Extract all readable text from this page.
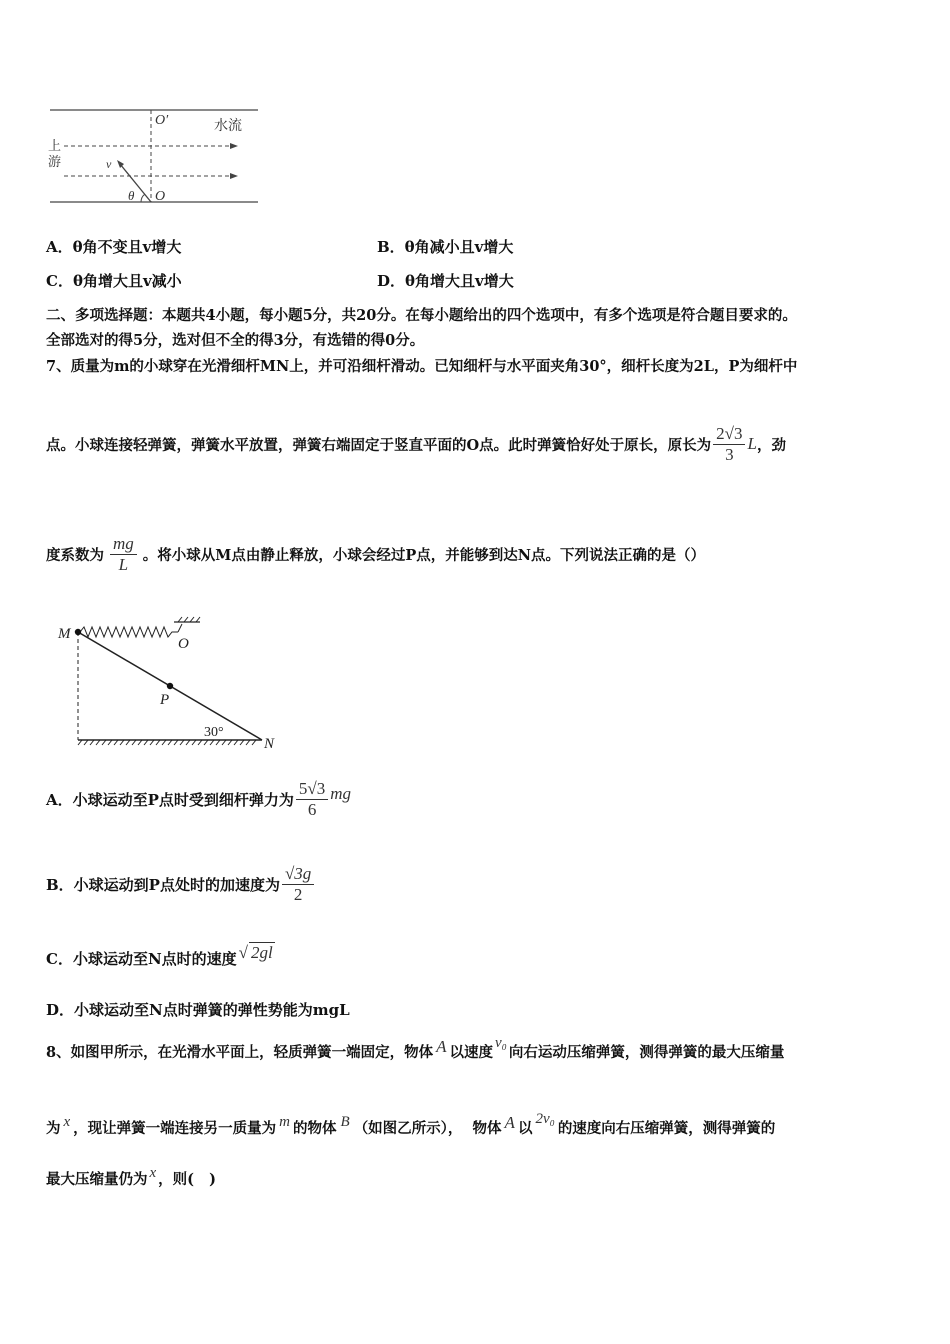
O′	水流
上
游	v
θ O
A．θ角不变且v增大	B．θ角减小且v增大
C．θ角增大且v减小	D．θ角增大且v增大
二、多项选择题：本题共4小题，每小题5分，共20分。在每小题给出的四个选项中，有多个选项是符合题目要求的。
全部选对的得5分，选对但不全的得3分，有选错的得0分。
7、质量为m的小球穿在光滑细杆MN上，并可沿细杆滑动。已知细杆与水平面夹角30°，细杆长度为2L，P为细杆中
点。小球连接轻弹簧，弹簧水平放置，弹簧右端固定于竖直平面的O点。此时弹簧恰好处于原长，原长为 $\frac{2√3}{3}$ L ，劲
度系数为 $\frac{mg}{L}$ 。将小球从M点由静止释放，小球会经过P点，并能够到达N点。下列说法正确的是（）
M
O
P
30°
N
A．小球运动至P点时受到细杆弹力为 $\frac{5√3}{6}$ mg
B．小球运动到P点处时的加速度为 $\frac{√3g}{2}$
C．小球运动至N点时的速度 √ 2gl
D．小球运动至N点时弹簧的弹性势能为mgL
8、如图甲所示，在光滑水平面上，轻质弹簧一端固定，物体 A 以速度
v₀
向右运动压缩弹簧，测得弹簧的最大压缩量
为 x ，现让弹簧一端连接另一质量为 m 的物体 B （如图乙所示），  物体 A 以
2v₀
的速度向右压缩弹簧，测得弹簧的
最大压缩量仍为 x ，则(   )
